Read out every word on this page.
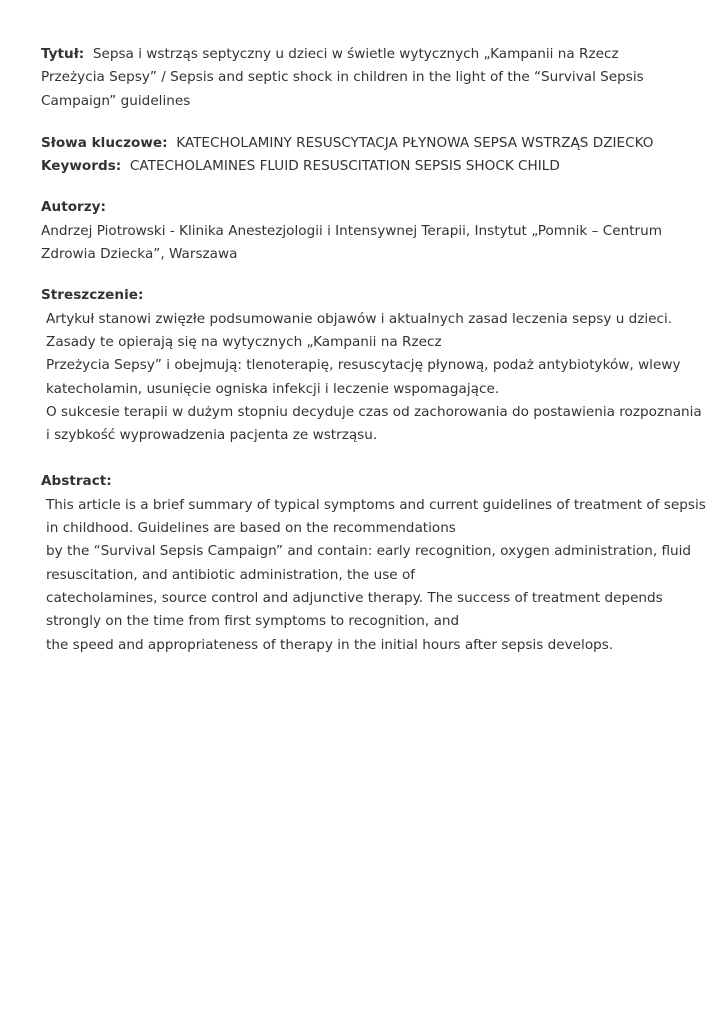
Tytuł: Sepsa i wstrząs septyczny u dzieci w świetle wytycznych „Kampanii na Rzecz Przeżycia Sepsy” / Sepsis and septic shock in children in the light of the “Survival Sepsis Campaign” guidelines
Słowa kluczowe: KATECHOLAMINY RESUSCYTACJA PŁYNOWA SEPSA WSTRZĄS DZIECKO
Keywords: CATECHOLAMINES FLUID RESUSCITATION SEPSIS SHOCK CHILD
Autorzy:
Andrzej Piotrowski - Klinika Anestezjologii i Intensywnej Terapii, Instytut „Pomnik – Centrum Zdrowia Dziecka”, Warszawa
Streszczenie:
Artykuł stanowi zwięzłe podsumowanie objawów i aktualnych zasad leczenia sepsy u dzieci.
Zasady te opierają się na wytycznych „Kampanii na Rzecz
Przeżycia Sepsy” i obejmują: tlenoterapię, resuscytację płynową, podaż antybiotyków, wlewy
katecholamin, usunięcie ogniska infekcji i leczenie wspomagające.
O sukcesie terapii w dużym stopniu decyduje czas od zachorowania do postawienia rozpoznania
i szybkość wyprowadzenia pacjenta ze wstrząsu.
Abstract:
This article is a brief summary of typical symptoms and current guidelines of treatment of sepsis
in childhood. Guidelines are based on the recommendations
by the “Survival Sepsis Campaign” and contain: early recognition, oxygen administration, fluid
resuscitation, and antibiotic administration, the use of
catecholamines, source control and adjunctive therapy. The success of treatment depends
strongly on the time from first symptoms to recognition, and
the speed and appropriateness of therapy in the initial hours after sepsis develops.
